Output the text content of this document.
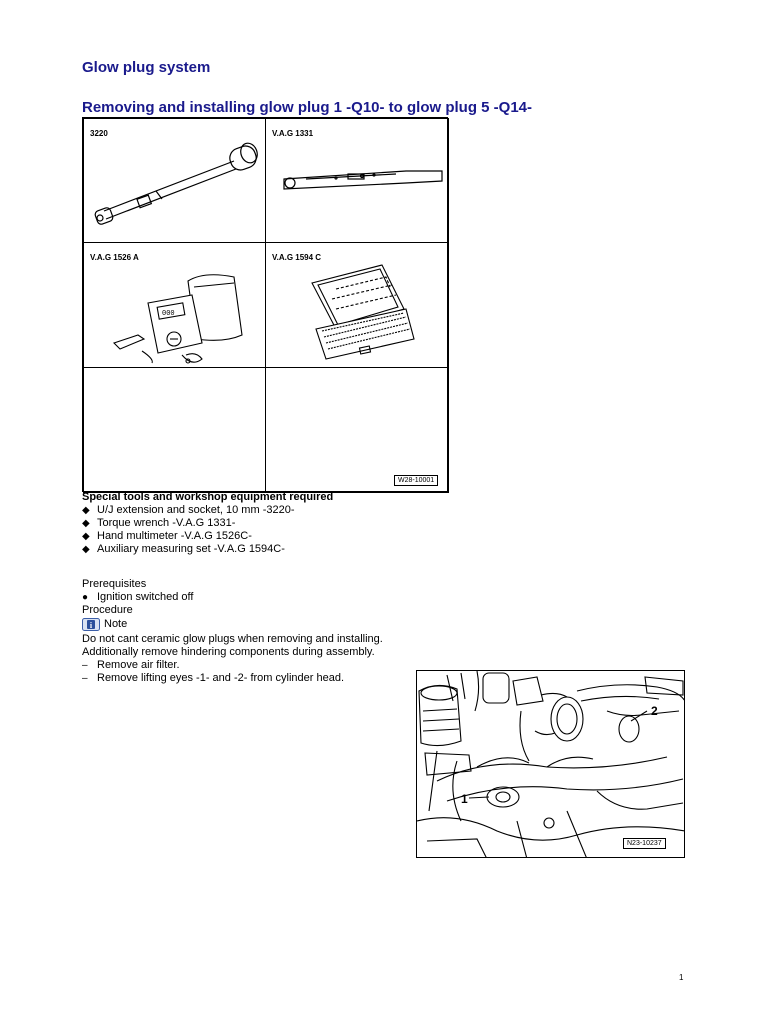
Glow plug system
Removing and installing glow plug 1 -Q10- to glow plug 5 -Q14-
3220	V.A.G 1331
V.A.G 1526 A
000
V.A.G 1594 C
W28-10001
Special tools and workshop equipment required
◆ U/J extension and socket, 10 mm -3220-
◆ Torque wrench -V.A.G 1331-
◆ Hand multimeter -V.A.G 1526C-
◆ Auxiliary measuring set -V.A.G 1594C-
Prerequisites
● Ignition switched off
Procedure
i Note
Do not cant ceramic glow plugs when removing and installing.
Additionally remove hindering components during assembly.
– Remove air filter.
– Remove lifting eyes -1- and -2- from cylinder head.
1
2
N23-10237
1
